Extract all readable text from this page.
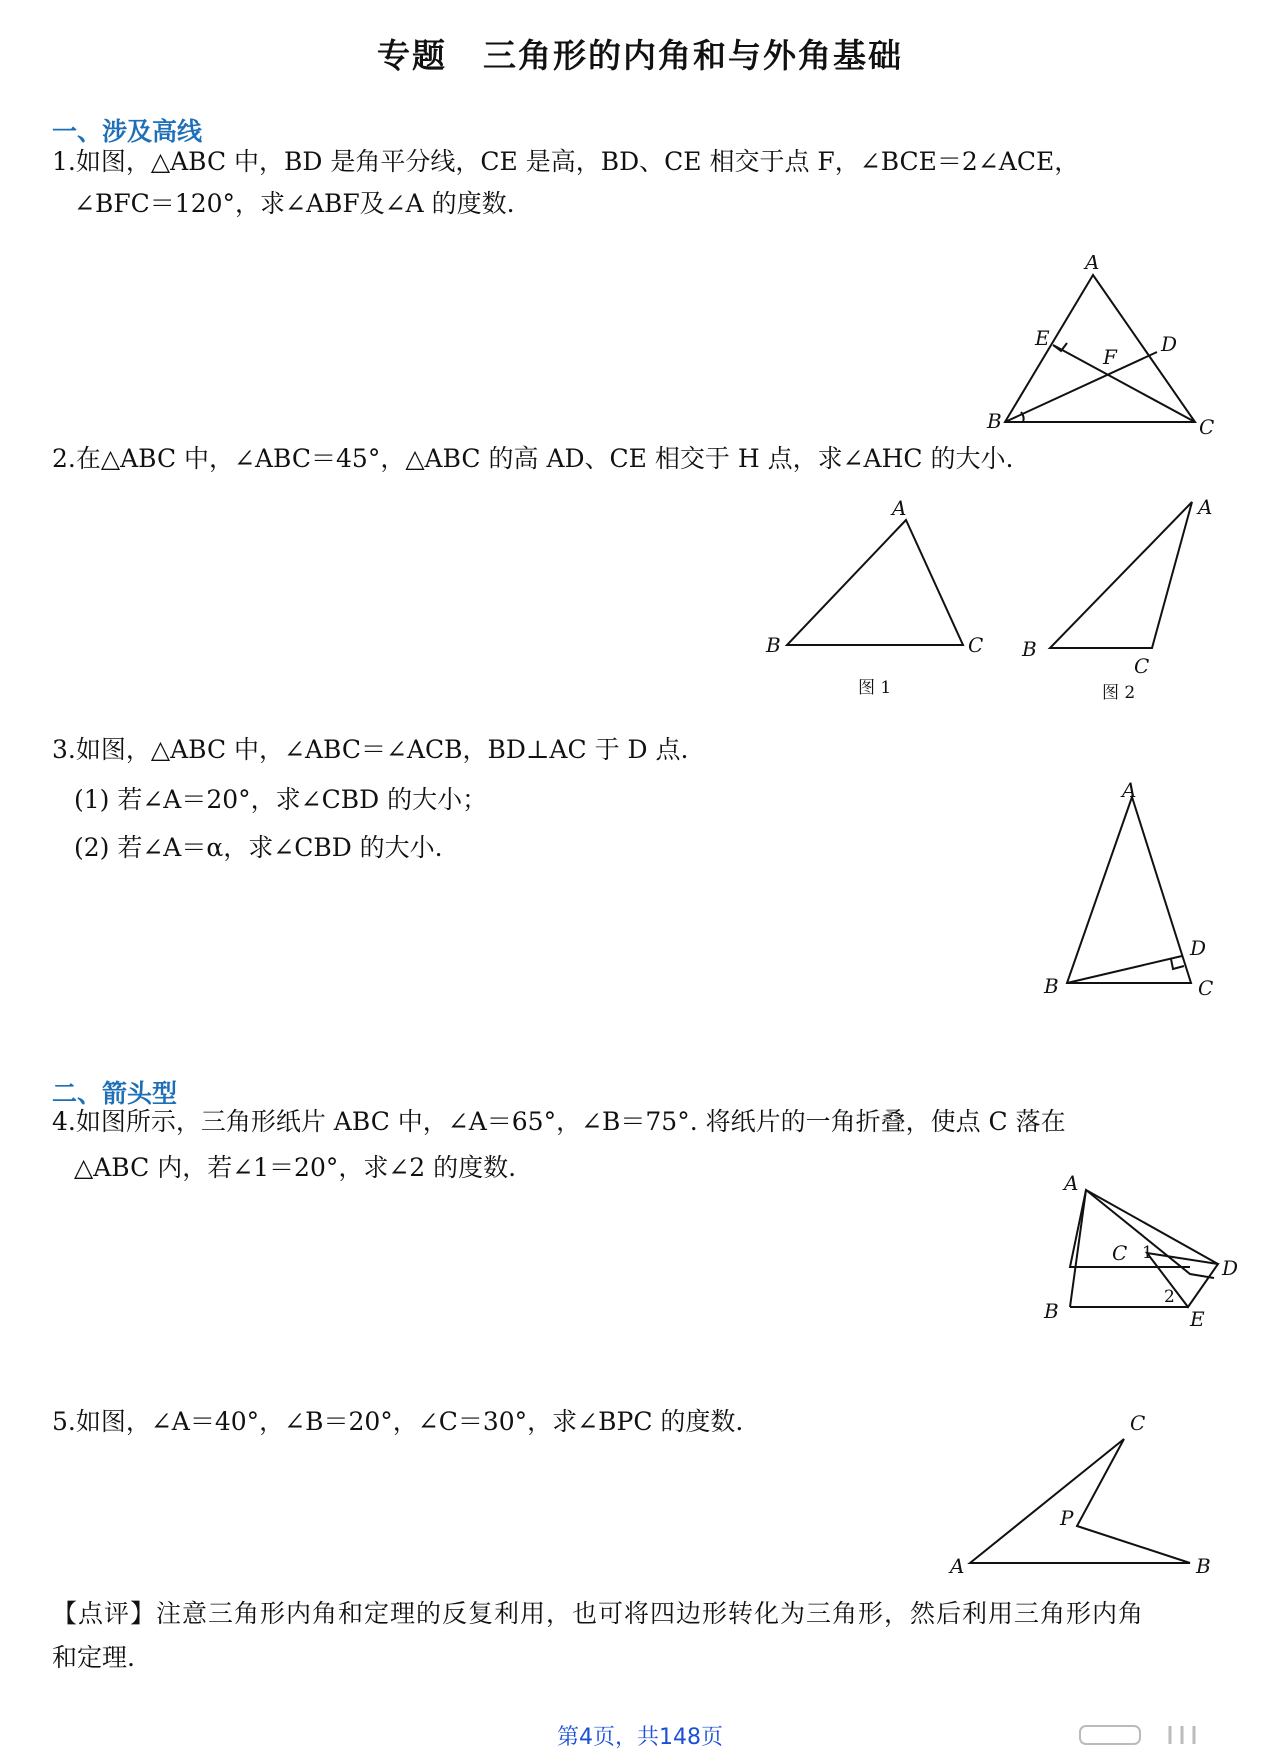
专题 三角形的内角和与外角基础
一、涉及高线
1.如图，△ABC 中，BD 是角平分线，CE 是高，BD、CE 相交于点 F，∠BCE＝2∠ACE，
∠BFC＝120°，求∠ABF及∠A 的度数.
A
B	C
D
E
F
2.在△ABC 中，∠ABC＝45°，△ABC 的高 AD、CE 相交于 H 点，求∠AHC 的大小.
A
B	C
图 1
A
B
C
图 2
3.如图，△ABC 中，∠ABC＝∠ACB，BD⊥AC 于 D 点.
(1) 若∠A＝20°，求∠CBD 的大小；
(2) 若∠A＝α，求∠CBD 的大小.
A
B	C
D
二、箭头型
4.如图所示，三角形纸片 ABC 中，∠A＝65°，∠B＝75°. 将纸片的一角折叠，使点 C 落在
△ABC 内，若∠1＝20°，求∠2 的度数.
A
B
C
D
E
1
2
5.如图，∠A＝40°，∠B＝20°，∠C＝30°，求∠BPC 的度数.
A	B
C
P
【点评】注意三角形内角和定理的反复利用，也可将四边形转化为三角形，然后利用三角形内角
和定理.
第4页，共148页
